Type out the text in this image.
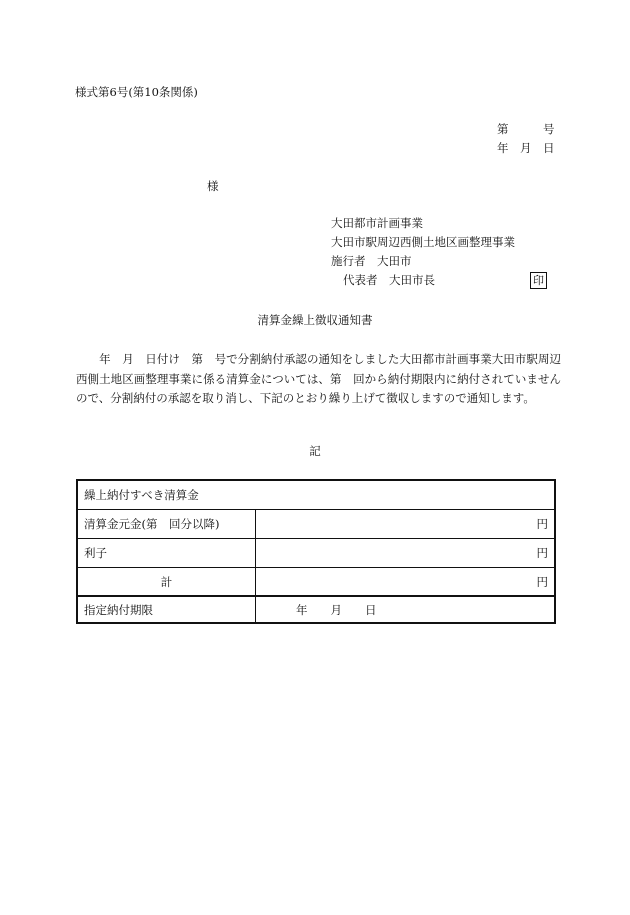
様式第6号(第10条関係)
第　　　号
年　月　日
様
大田都市計画事業
大田市駅周辺西側土地区画整理事業
施行者　大田市
代表者　大田市長	印
清算金繰上徴収通知書
　　年　月　日付け　第　号で分割納付承認の通知をしました大田都市計画事業大田市駅周辺西側土地区画整理事業に係る清算金については、第　回から納付期限内に納付されていませんので、分割納付の承認を取り消し、下記のとおり繰り上げて徴収しますので通知します。
記
繰上納付すべき清算金
清算金元金(第　回分以降)	円
利子	円
計	円
指定納付期限	年　　月　　日
